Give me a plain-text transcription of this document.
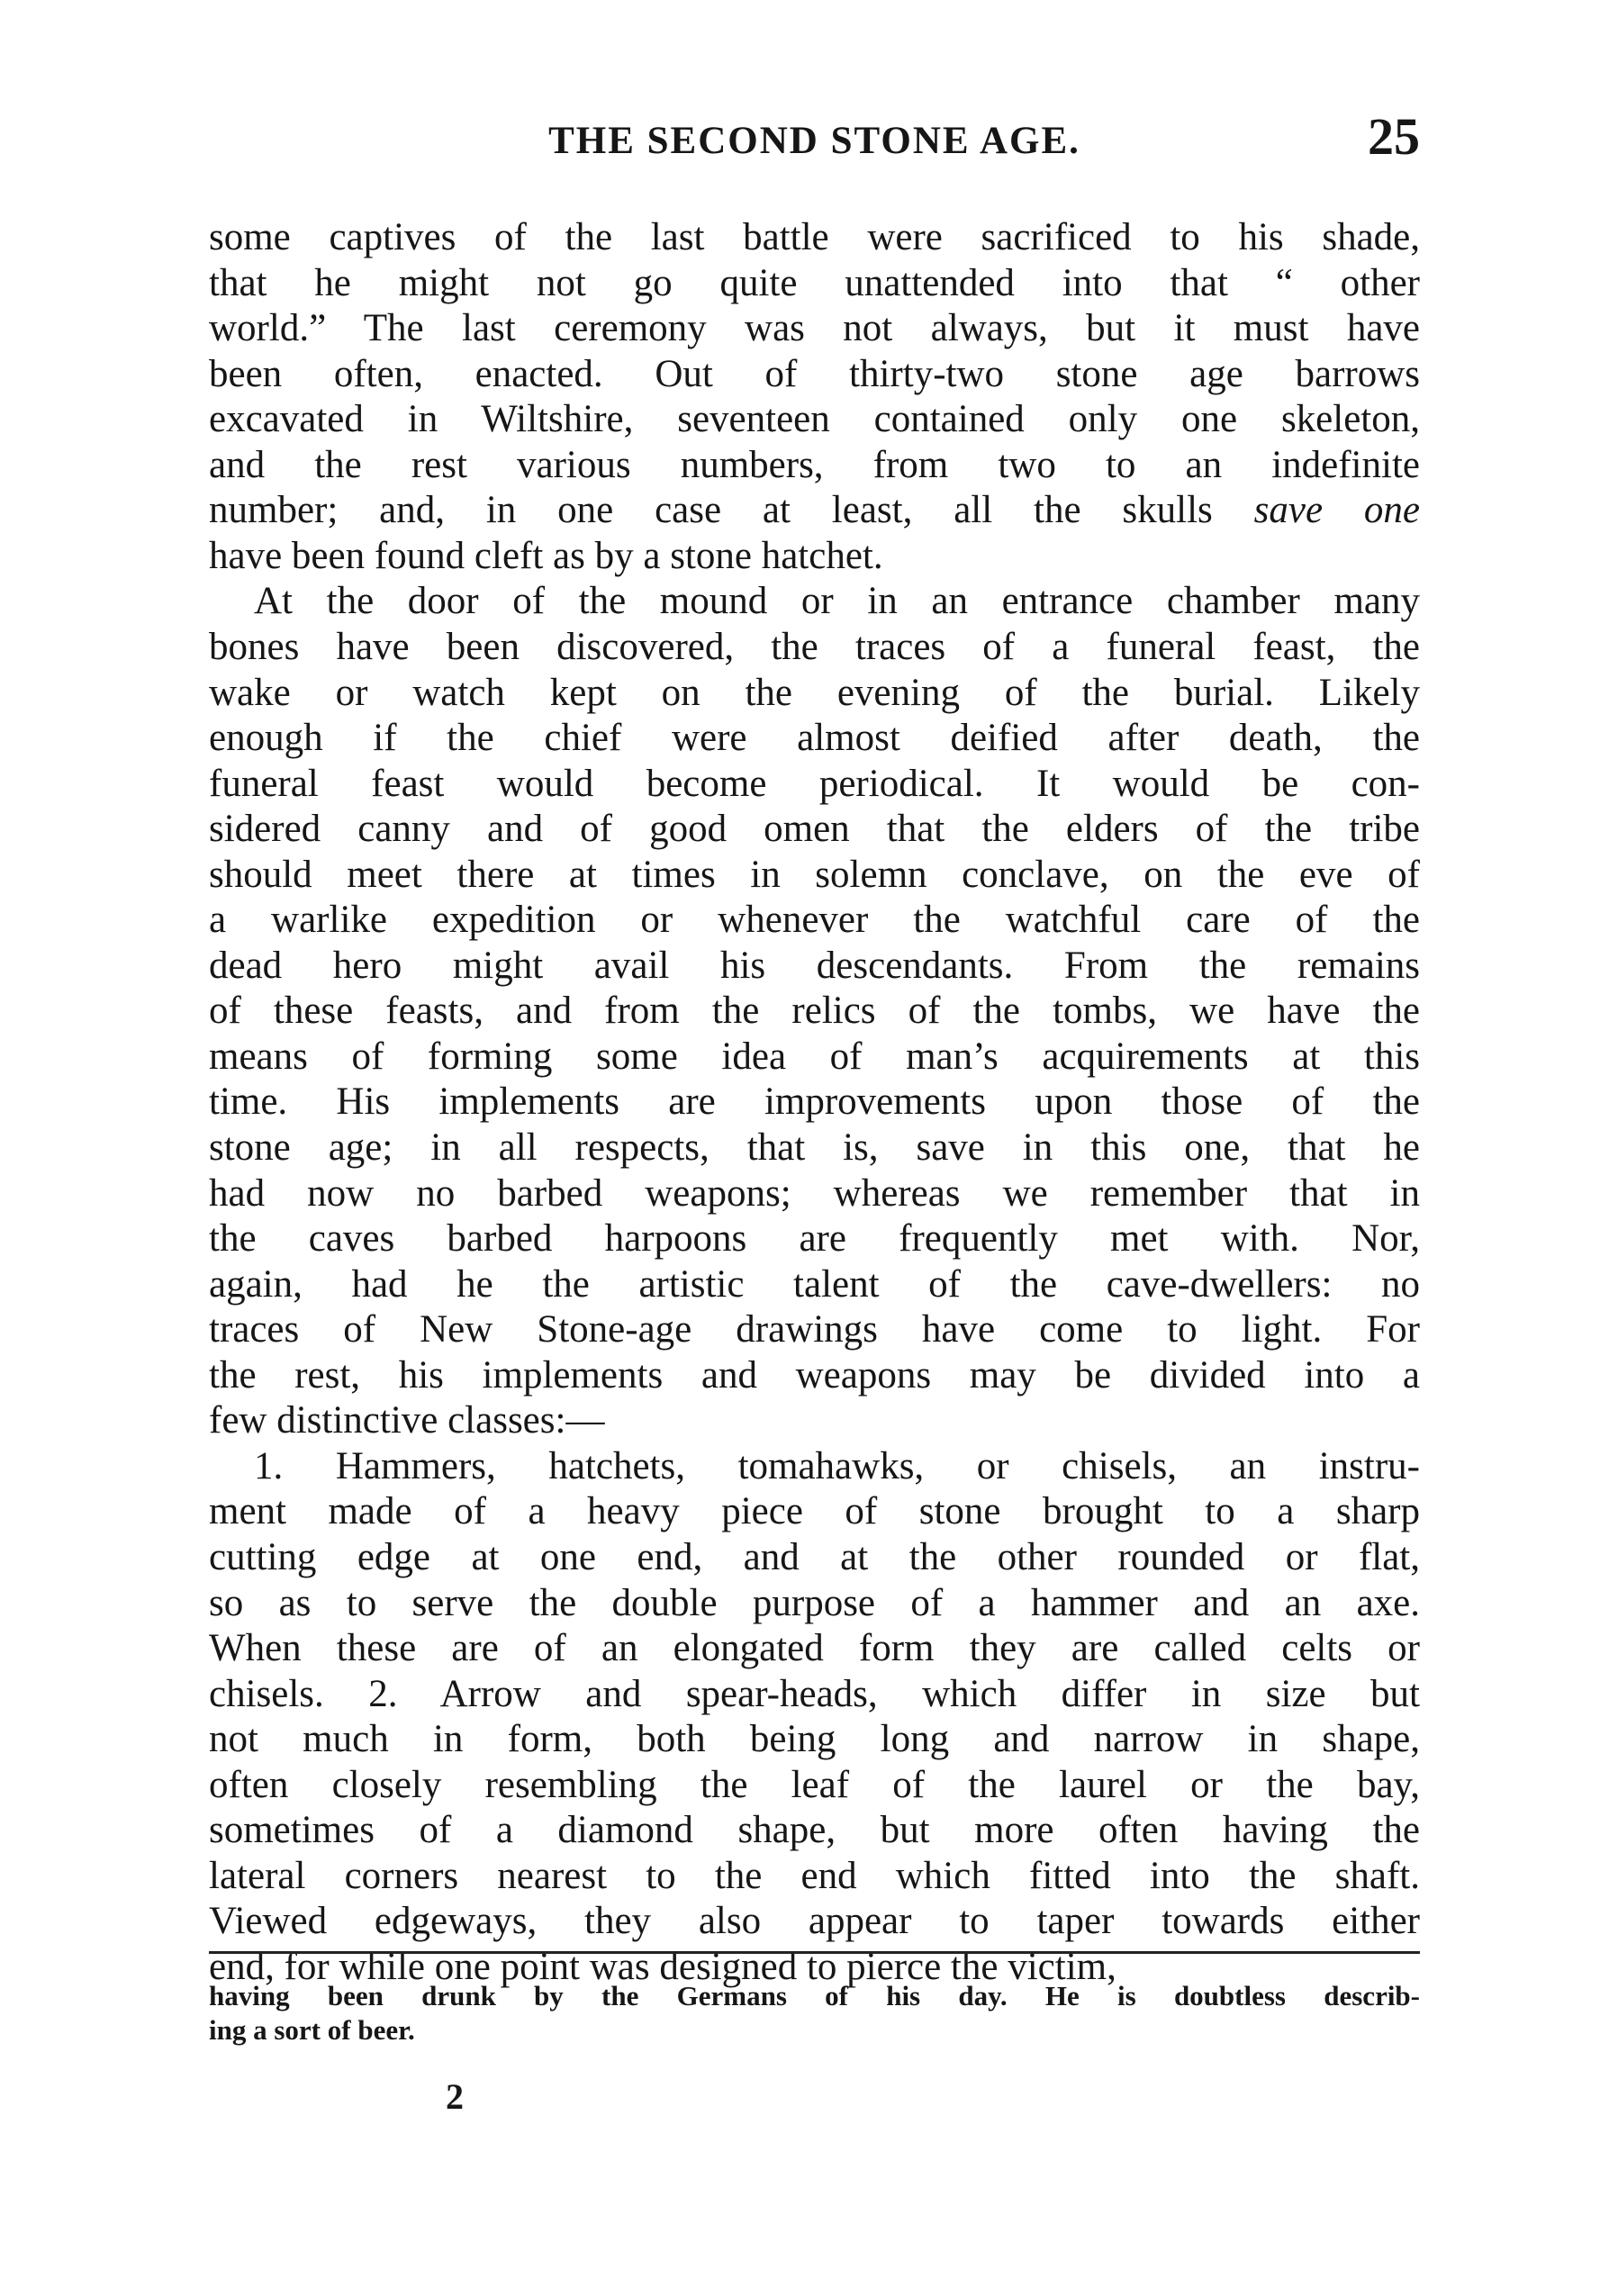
THE SECOND STONE AGE.	25
some captives of the last battle were sacrificed to his shade,
that he might not go quite unattended into that “ other
world.” The last ceremony was not always, but it must have
been often, enacted. Out of thirty-two stone age barrows
excavated in Wiltshire, seventeen contained only one skeleton,
and the rest various numbers, from two to an indefinite
number; and, in one case at least, all the skulls save one
have been found cleft as by a stone hatchet.
At the door of the mound or in an entrance chamber many
bones have been discovered, the traces of a funeral feast, the
wake or watch kept on the evening of the burial. Likely
enough if the chief were almost deified after death, the
funeral feast would become periodical. It would be con-
sidered canny and of good omen that the elders of the tribe
should meet there at times in solemn conclave, on the eve of
a warlike expedition or whenever the watchful care of the
dead hero might avail his descendants. From the remains
of these feasts, and from the relics of the tombs, we have the
means of forming some idea of man’s acquirements at this
time. His implements are improvements upon those of the
stone age; in all respects, that is, save in this one, that he
had now no barbed weapons; whereas we remember that in
the caves barbed harpoons are frequently met with. Nor,
again, had he the artistic talent of the cave-dwellers: no
traces of New Stone-age drawings have come to light. For
the rest, his implements and weapons may be divided into a
few distinctive classes:—
1. Hammers, hatchets, tomahawks, or chisels, an instru-
ment made of a heavy piece of stone brought to a sharp
cutting edge at one end, and at the other rounded or flat,
so as to serve the double purpose of a hammer and an axe.
When these are of an elongated form they are called celts or
chisels. 2. Arrow and spear-heads, which differ in size but
not much in form, both being long and narrow in shape,
often closely resembling the leaf of the laurel or the bay,
sometimes of a diamond shape, but more often having the
lateral corners nearest to the end which fitted into the shaft.
Viewed edgeways, they also appear to taper towards either
end, for while one point was designed to pierce the victim,
having been drunk by the Germans of his day. He is doubtless describ-
ing a sort of beer.
2
